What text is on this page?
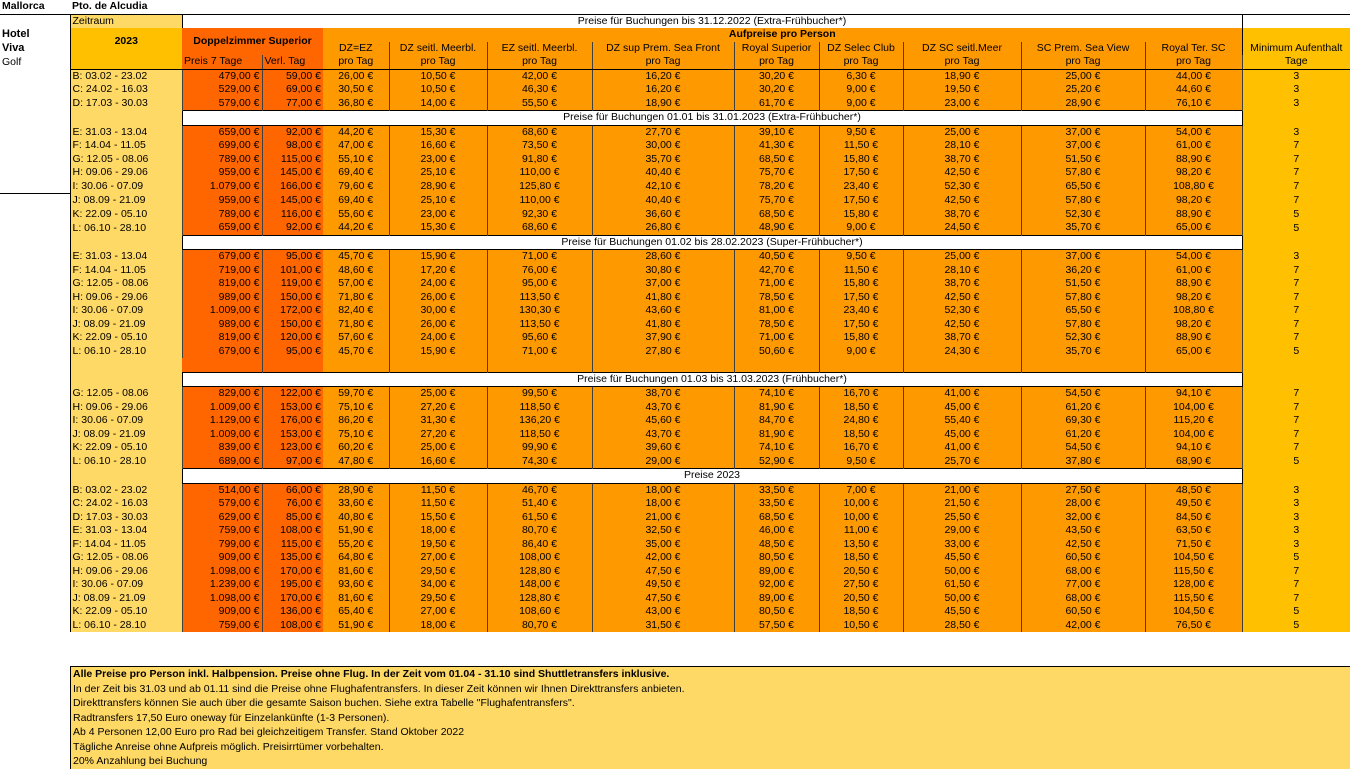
Mallorca	Pto. de Alcudia												
	Zeitraum	Preise für Buchungen bis 31.12.2022 (Extra-Frühbucher*)											
Hotel	2023	Doppelzimmer Superior		Aufpreise pro Person									Minimum Aufenthalt
Viva				DZ=EZ	DZ seitl. Meerbl.	EZ seitl. Meerbl.	DZ sup Prem. Sea Front	Royal Superior	DZ Selec Club	DZ SC seitl.Meer	SC Prem. Sea View	Royal Ter. SC	
Golf		Preis 7 Tage	Verl. Tag	pro Tag	pro Tag	pro Tag	pro Tag	pro Tag	pro Tag	pro Tag	pro Tag	pro Tag	Tage
	B: 03.02 - 23.02	479,00 €	59,00 €	26,00 €	10,50 €	42,00 €	16,20 €	30,20 €	6,30 €	18,90 €	25,00 €	44,00 €	3
	C: 24.02 - 16.03	529,00 €	69,00 €	30,50 €	10,50 €	46,30 €	16,20 €	30,20 €	9,00 €	19,50 €	25,20 €	44,60 €	3
	D: 17.03 - 30.03	579,00 €	77,00 €	36,80 €	14,00 €	55,50 €	18,90 €	61,70 €	9,00 €	23,00 €	28,90 €	76,10 €	3
		Preise für Buchungen 01.01 bis 31.01.2023 (Extra-Frühbucher*)											
	E: 31.03 - 13.04	659,00 €	92,00 €	44,20 €	15,30 €	68,60 €	27,70 €	39,10 €	9,50 €	25,00 €	37,00 €	54,00 €	3
	F: 14.04 - 11.05	699,00 €	98,00 €	47,00 €	16,60 €	73,50 €	30,00 €	41,30 €	11,50 €	28,10 €	37,00 €	61,00 €	7
	G: 12.05 - 08.06	789,00 €	115,00 €	55,10 €	23,00 €	91,80 €	35,70 €	68,50 €	15,80 €	38,70 €	51,50 €	88,90 €	7
	H: 09.06 - 29.06	959,00 €	145,00 €	69,40 €	25,10 €	110,00 €	40,40 €	75,70 €	17,50 €	42,50 €	57,80 €	98,20 €	7
	I: 30.06 - 07.09	1.079,00 €	166,00 €	79,60 €	28,90 €	125,80 €	42,10 €	78,20 €	23,40 €	52,30 €	65,50 €	108,80 €	7
	J: 08.09 - 21.09	959,00 €	145,00 €	69,40 €	25,10 €	110,00 €	40,40 €	75,70 €	17,50 €	42,50 €	57,80 €	98,20 €	7
	K: 22.09 - 05.10	789,00 €	116,00 €	55,60 €	23,00 €	92,30 €	36,60 €	68,50 €	15,80 €	38,70 €	52,30 €	88,90 €	5
	L: 06.10 - 28.10	659,00 €	92,00 €	44,20 €	15,30 €	68,60 €	26,80 €	48,90 €	9,00 €	24,50 €	35,70 €	65,00 €	5
		Preise für Buchungen 01.02 bis 28.02.2023 (Super-Frühbucher*)											
	E: 31.03 - 13.04	679,00 €	95,00 €	45,70 €	15,90 €	71,00 €	28,60 €	40,50 €	9,50 €	25,00 €	37,00 €	54,00 €	3
	F: 14.04 - 11.05	719,00 €	101,00 €	48,60 €	17,20 €	76,00 €	30,80 €	42,70 €	11,50 €	28,10 €	36,20 €	61,00 €	7
	G: 12.05 - 08.06	819,00 €	119,00 €	57,00 €	24,00 €	95,00 €	37,00 €	71,00 €	15,80 €	38,70 €	51,50 €	88,90 €	7
	H: 09.06 - 29.06	989,00 €	150,00 €	71,80 €	26,00 €	113,50 €	41,80 €	78,50 €	17,50 €	42,50 €	57,80 €	98,20 €	7
	I: 30.06 - 07.09	1.009,00 €	172,00 €	82,40 €	30,00 €	130,30 €	43,60 €	81,00 €	23,40 €	52,30 €	65,50 €	108,80 €	7
	J: 08.09 - 21.09	989,00 €	150,00 €	71,80 €	26,00 €	113,50 €	41,80 €	78,50 €	17,50 €	42,50 €	57,80 €	98,20 €	7
	K: 22.09 - 05.10	819,00 €	120,00 €	57,60 €	24,00 €	95,60 €	37,90 €	71,00 €	15,80 €	38,70 €	52,30 €	88,90 €	7
	L: 06.10 - 28.10	679,00 €	95,00 €	45,70 €	15,90 €	71,00 €	27,80 €	50,60 €	9,00 €	24,30 €	35,70 €	65,00 €	5

		Preise für Buchungen 01.03 bis 31.03.2023 (Frühbucher*)											
	G: 12.05 - 08.06	829,00 €	122,00 €	59,70 €	25,00 €	99,50 €	38,70 €	74,10 €	16,70 €	41,00 €	54,50 €	94,10 €	7
	H: 09.06 - 29.06	1.009,00 €	153,00 €	75,10 €	27,20 €	118,50 €	43,70 €	81,90 €	18,50 €	45,00 €	61,20 €	104,00 €	7
	I: 30.06 - 07.09	1.129,00 €	176,00 €	86,20 €	31,30 €	136,20 €	45,60 €	84,70 €	24,80 €	55,40 €	69,30 €	115,20 €	7
	J: 08.09 - 21.09	1.009,00 €	153,00 €	75,10 €	27,20 €	118,50 €	43,70 €	81,90 €	18,50 €	45,00 €	61,20 €	104,00 €	7
	K: 22.09 - 05.10	839,00 €	123,00 €	60,20 €	25,00 €	99,90 €	39,60 €	74,10 €	16,70 €	41,00 €	54,50 €	94,10 €	7
	L: 06.10 - 28.10	689,00 €	97,00 €	47,80 €	16,60 €	74,30 €	29,00 €	52,90 €	9,50 €	25,70 €	37,80 €	68,90 €	5
		Preise 2023											
	B: 03.02 - 23.02	514,00 €	66,00 €	28,90 €	11,50 €	46,70 €	18,00 €	33,50 €	7,00 €	21,00 €	27,50 €	48,50 €	3
	C: 24.02 - 16.03	579,00 €	76,00 €	33,60 €	11,50 €	51,40 €	18,00 €	33,50 €	10,00 €	21,50 €	28,00 €	49,50 €	3
	D: 17.03 - 30.03	629,00 €	85,00 €	40,80 €	15,50 €	61,50 €	21,00 €	68,50 €	10,00 €	25,50 €	32,00 €	84,50 €	3
	E: 31.03 - 13.04	759,00 €	108,00 €	51,90 €	18,00 €	80,70 €	32,50 €	46,00 €	11,00 €	29,00 €	43,50 €	63,50 €	3
	F: 14.04 - 11.05	799,00 €	115,00 €	55,20 €	19,50 €	86,40 €	35,00 €	48,50 €	13,50 €	33,00 €	42,50 €	71,50 €	3
	G: 12.05 - 08.06	909,00 €	135,00 €	64,80 €	27,00 €	108,00 €	42,00 €	80,50 €	18,50 €	45,50 €	60,50 €	104,50 €	5
	H: 09.06 - 29.06	1.098,00 €	170,00 €	81,60 €	29,50 €	128,80 €	47,50 €	89,00 €	20,50 €	50,00 €	68,00 €	115,50 €	7
	I: 30.06 - 07.09	1.239,00 €	195,00 €	93,60 €	34,00 €	148,00 €	49,50 €	92,00 €	27,50 €	61,50 €	77,00 €	128,00 €	7
	J: 08.09 - 21.09	1.098,00 €	170,00 €	81,60 €	29,50 €	128,80 €	47,50 €	89,00 €	20,50 €	50,00 €	68,00 €	115,50 €	7
	K: 22.09 - 05.10	909,00 €	136,00 €	65,40 €	27,00 €	108,60 €	43,00 €	80,50 €	18,50 €	45,50 €	60,50 €	104,50 €	5
	L: 06.10 - 28.10	759,00 €	108,00 €	51,90 €	18,00 €	80,70 €	31,50 €	57,50 €	10,50 €	28,50 €	42,00 €	76,50 €	5
Alle Preise pro Person inkl. Halbpension. Preise ohne Flug. In der Zeit vom 01.04 - 31.10 sind Shuttletransfers inklusive.
In der Zeit bis 31.03 und ab 01.11 sind die Preise ohne Flughafentransfers. In dieser Zeit können wir Ihnen Direkttransfers anbieten.
Direkttransfers können Sie auch über die gesamte Saison buchen. Siehe extra Tabelle "Flughafentransfers".
Radtransfers 17,50 Euro oneway für Einzelankünfte (1-3 Personen).
Ab 4 Personen 12,00 Euro pro Rad bei gleichzeitigem Transfer. Stand Oktober 2022
Tägliche Anreise ohne Aufpreis möglich. Preisirrtümer vorbehalten.
20% Anzahlung bei Buchung
